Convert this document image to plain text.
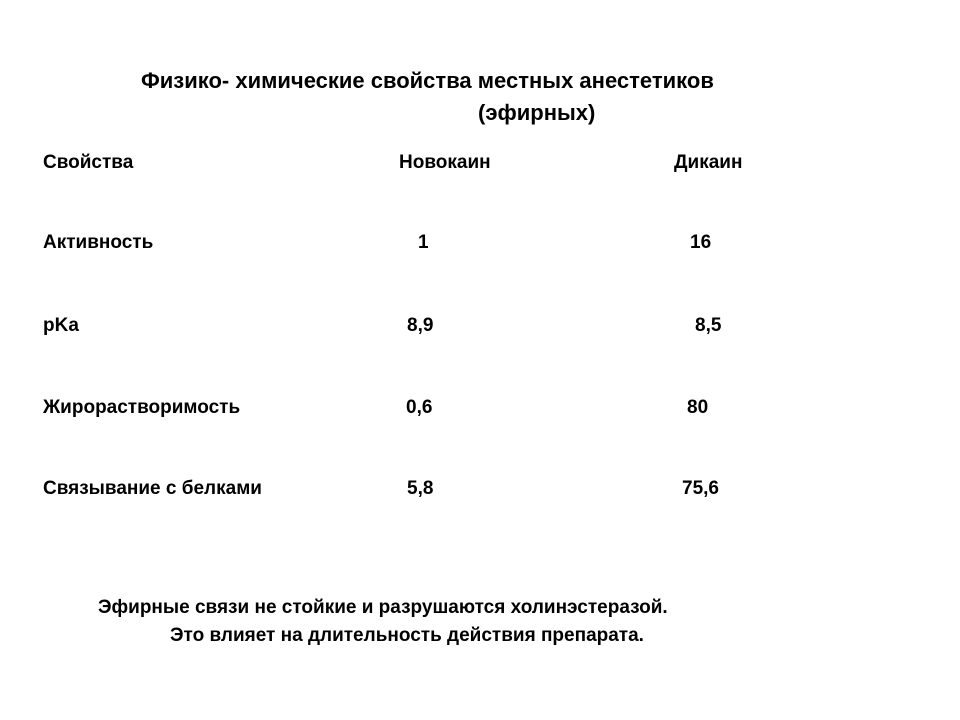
Физико- химические свойства местных анестетиков
(эфирных)
Свойства	Новокаин	Дикаин
Активность	1	16
pKa	8,9	8,5
Жирорастворимость	0,6	80
Связывание с белками	5,8	75,6
Эфирные связи не стойкие и разрушаются холинэстеразой.
Это влияет на длительность действия препарата.
